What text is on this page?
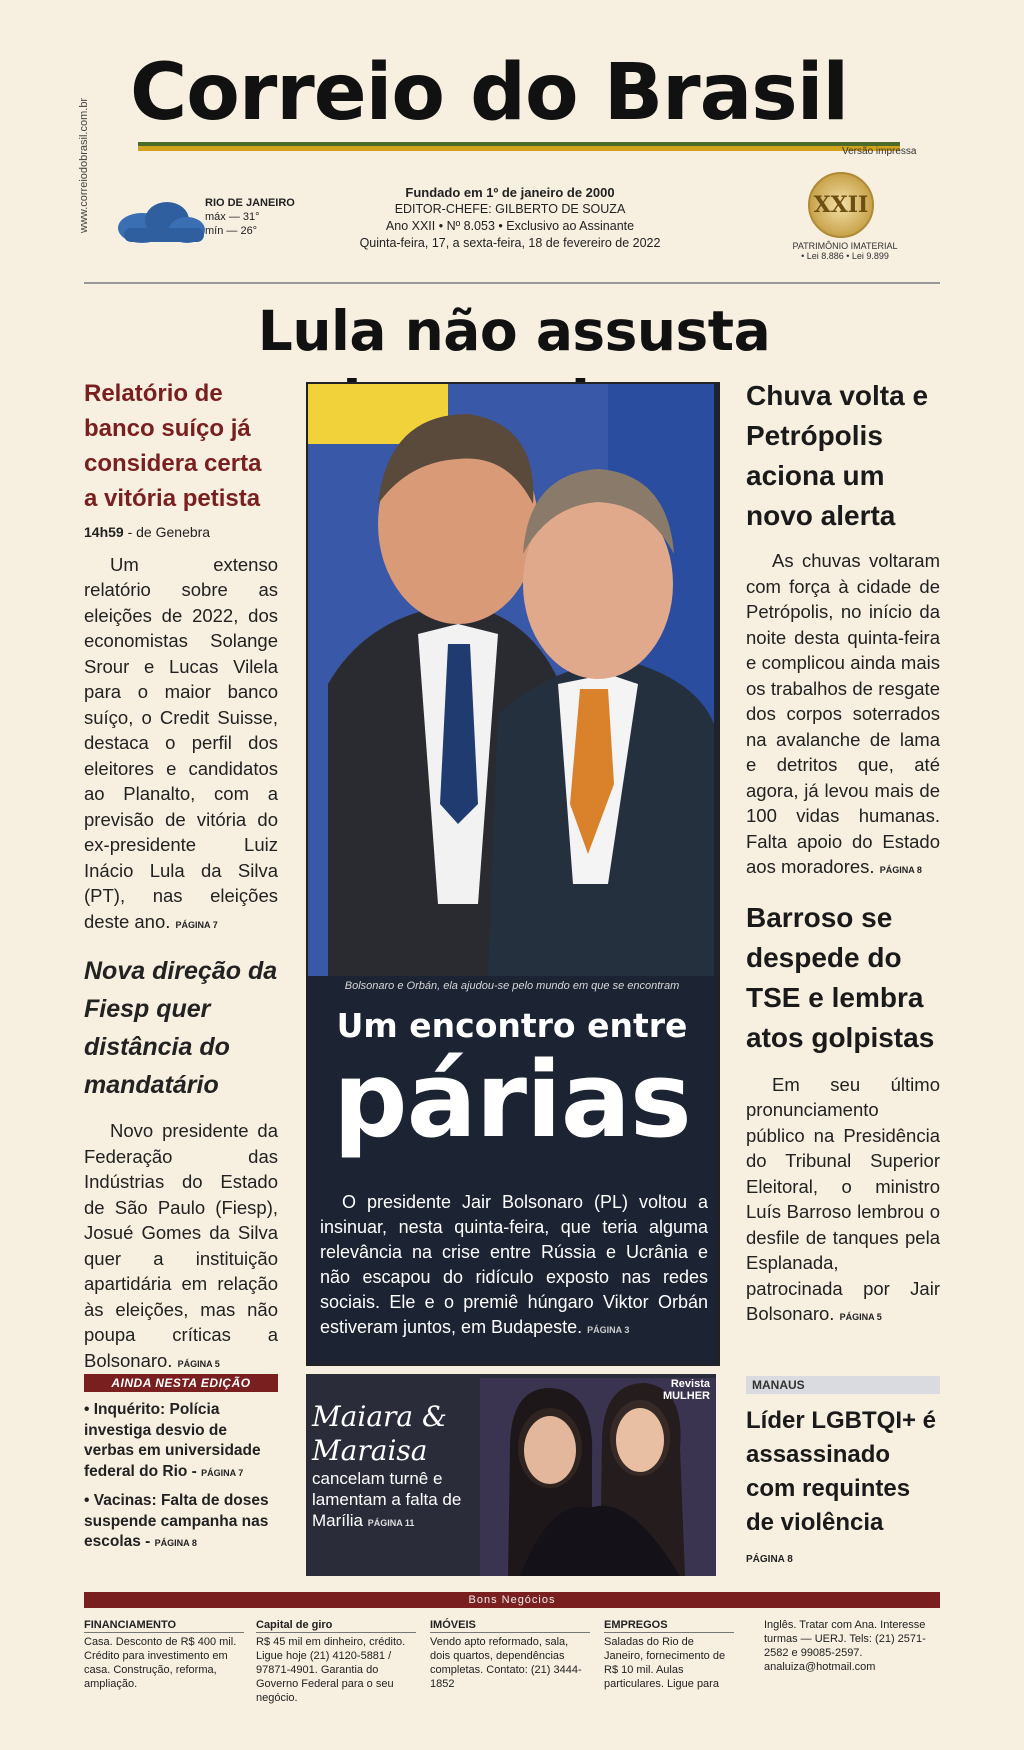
www.correiodobrasil.com.br
Correio do Brasil
Versão impressa
RIO DE JANEIRO
máx — 31°
mín — 26°
Fundado em 1º de janeiro de 2000
EDITOR-CHEFE: GILBERTO DE SOUZA
Ano XXII • Nº 8.053 • Exclusivo ao Assinante
Quinta-feira, 17, a sexta-feira, 18 de fevereiro de 2022
XXII
PATRIMÔNIO IMATERIAL • Lei 8.886 • Lei 9.899
Lula não assusta
Relatório de banco suíço já considera certa a vitória petista
14h59 - de Genebra

Um extenso relatório sobre as eleições de 2022, dos economistas Solange Srour e Lucas Vilela para o maior banco suíço, o Credit Suisse, destaca o perfil dos eleitores e candidatos ao Planalto, com a previsão de vitória do ex-presidente Luiz Inácio Lula da Silva (PT), nas eleições deste ano. PÁGINA 7

Nova direção da Fiesp quer distância do mandatário

Novo presidente da Federação das Indústrias do Estado de São Paulo (Fiesp), Josué Gomes da Silva quer a instituição apartidária em relação às eleições, mas não poupa críticas a Bolsonaro. PÁGINA 5

Bolsonaro e Orbán, ela ajudou-se pelo mundo em que se encontram
Um encontro entre
párias
O presidente Jair Bolsonaro (PL) voltou a insinuar, nesta quinta-feira, que teria alguma relevância na crise entre Rússia e Ucrânia e não escapou do ridículo exposto nas redes sociais. Ele e o premiê húngaro Viktor Orbán estiveram juntos, em Budapeste. PÁGINA 3
Chuva volta e Petrópolis aciona um novo alerta

As chuvas voltaram com força à cidade de Petrópolis, no início da noite desta quinta-feira e complicou ainda mais os trabalhos de resgate dos corpos soterrados na avalanche de lama e detritos que, até agora, já levou mais de 100 vidas humanas. Falta apoio do Estado aos moradores. PÁGINA 8

Barroso se despede do TSE e lembra atos golpistas

Em seu último pronunciamento público na Presidência do Tribunal Superior Eleitoral, o ministro Luís Barroso lembrou o desfile de tanques pela Esplanada, patrocinada por Jair Bolsonaro. PÁGINA 5

AINDA NESTA EDIÇÃO
• Inquérito: Polícia investiga desvio de verbas em universidade federal do Rio - PÁGINA 7
• Vacinas: Falta de doses suspende campanha nas escolas - PÁGINA 8
Revista MULHER
Maiara & Maraisa
cancelam turnê e lamentam a falta de Marília PÁGINA 11
MANAUS
Líder LGBTQI+ é assassinado com requintes de violência
PÁGINA 8
Bons Negócios
FINANCIAMENTO
Casa. Desconto de R$ 400 mil. Crédito para investimento em casa. Construção, reforma, ampliação.
Capital de giro
R$ 45 mil em dinheiro, crédito. Ligue hoje (21) 4120-5881 / 97871-4901. Garantia do Governo Federal para o seu negócio.
IMÓVEIS
Vendo apto reformado, sala, dois quartos, dependências completas. Contato: (21) 3444-1852
EMPREGOS
Saladas do Rio de Janeiro, fornecimento de R$ 10 mil. Aulas particulares. Ligue para
Inglês. Tratar com Ana. Interesse turmas — UERJ. Tels: (21) 2571-2582 e 99085-2597. analuiza@hotmail.com
